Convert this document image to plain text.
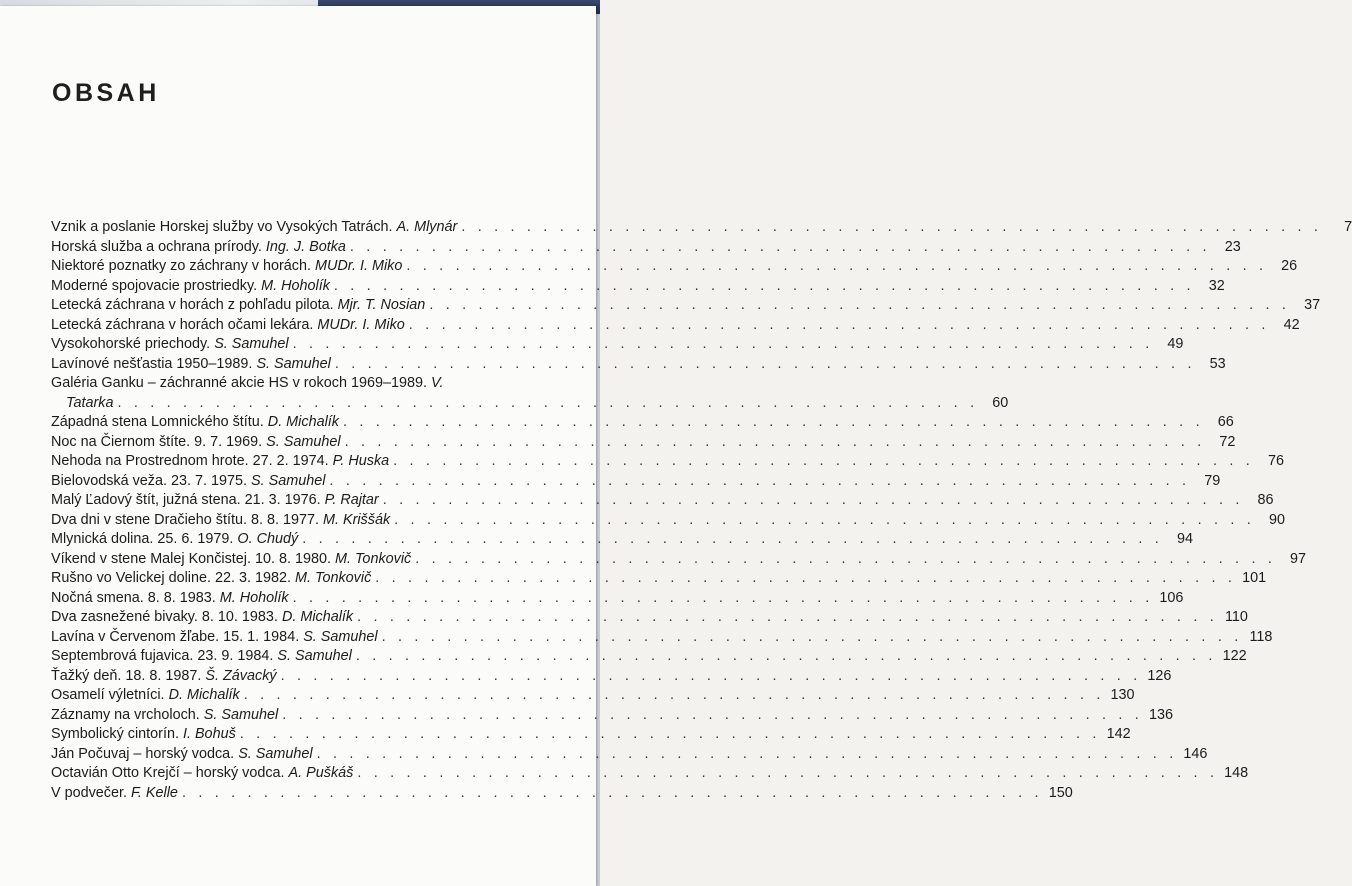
OBSAH
Vznik a poslanie Horskej služby vo Vysokých Tatrách. A. Mlynár . . . . . . . . . . . . . . . . . . . . . . . . . . . . . . . . . . . . . . . . . . . . . . . . . . . . .	7
Horská služba a ochrana prírody. Ing. J. Botka . . . . . . . . . . . . . . . . . . . . . . . . . . . . . . . . . . . . . . . . . . . . . . . . . . . . . 23
Niektoré poznatky zo záchrany v horách. MUDr. I. Miko . . . . . . . . . . . . . . . . . . . . . . . . . . . . . . . . . . . . . . . . . . . . . . . . . . . . . 26
Moderné spojovacie prostriedky. M. Hoholík . . . . . . . . . . . . . . . . . . . . . . . . . . . . . . . . . . . . . . . . . . . . . . . . . . . . . 32
Letecká záchrana v horách z pohľadu pilota. Mjr. T. Nosian . . . . . . . . . . . . . . . . . . . . . . . . . . . . . . . . . . . . . . . . . . . . . . . . . . . . . 37
Letecká záchrana v horách očami lekára. MUDr. I. Miko . . . . . . . . . . . . . . . . . . . . . . . . . . . . . . . . . . . . . . . . . . . . . . . . . . . . . 42
Vysokohorské priechody. S. Samuhel . . . . . . . . . . . . . . . . . . . . . . . . . . . . . . . . . . . . . . . . . . . . . . . . . . . . . 49
Lavínové nešťastia 1950–1989. S. Samuhel . . . . . . . . . . . . . . . . . . . . . . . . . . . . . . . . . . . . . . . . . . . . . . . . . . . . . 53
Galéria Ganku – záchranné akcie HS v rokoch 1969–1989. V.
Tatarka . . . . . . . . . . . . . . . . . . . . . . . . . . . . . . . . . . . . . . . . . . . . . . . . . . . . . 60
Západná stena Lomnického štítu. D. Michalík . . . . . . . . . . . . . . . . . . . . . . . . . . . . . . . . . . . . . . . . . . . . . . . . . . . . . 66
Noc na Čiernom štíte. 9. 7. 1969. S. Samuhel . . . . . . . . . . . . . . . . . . . . . . . . . . . . . . . . . . . . . . . . . . . . . . . . . . . . . 72
Nehoda na Prostrednom hrote. 27. 2. 1974. P. Huska . . . . . . . . . . . . . . . . . . . . . . . . . . . . . . . . . . . . . . . . . . . . . . . . . . . . . 76
Bielovodská veža. 23. 7. 1975. S. Samuhel . . . . . . . . . . . . . . . . . . . . . . . . . . . . . . . . . . . . . . . . . . . . . . . . . . . . . 79
Malý Ľadový štít, južná stena. 21. 3. 1976. P. Rajtar . . . . . . . . . . . . . . . . . . . . . . . . . . . . . . . . . . . . . . . . . . . . . . . . . . . . . 86
Dva dni v stene Dračieho štítu. 8. 8. 1977. M. Kriššák . . . . . . . . . . . . . . . . . . . . . . . . . . . . . . . . . . . . . . . . . . . . . . . . . . . . . 90
Mlynická dolina. 25. 6. 1979. O. Chudý . . . . . . . . . . . . . . . . . . . . . . . . . . . . . . . . . . . . . . . . . . . . . . . . . . . . . 94
Víkend v stene Malej Končistej. 10. 8. 1980. M. Tonkovič . . . . . . . . . . . . . . . . . . . . . . . . . . . . . . . . . . . . . . . . . . . . . . . . . . . . . 97
Rušno vo Velickej doline. 22. 3. 1982. M. Tonkovič . . . . . . . . . . . . . . . . . . . . . . . . . . . . . . . . . . . . . . . . . . . . . . . . . . . . . 101
Nočná smena. 8. 8. 1983. M. Hoholík . . . . . . . . . . . . . . . . . . . . . . . . . . . . . . . . . . . . . . . . . . . . . . . . . . . . . 106
Dva zasnežené bivaky. 8. 10. 1983. D. Michalík . . . . . . . . . . . . . . . . . . . . . . . . . . . . . . . . . . . . . . . . . . . . . . . . . . . . . 110
Lavína v Červenom žľabe. 15. 1. 1984. S. Samuhel . . . . . . . . . . . . . . . . . . . . . . . . . . . . . . . . . . . . . . . . . . . . . . . . . . . . . 118
Septembrová fujavica. 23. 9. 1984. S. Samuhel . . . . . . . . . . . . . . . . . . . . . . . . . . . . . . . . . . . . . . . . . . . . . . . . . . . . . 122
Ťažký deň. 18. 8. 1987. Š. Závacký . . . . . . . . . . . . . . . . . . . . . . . . . . . . . . . . . . . . . . . . . . . . . . . . . . . . . 126
Osamelí výletníci. D. Michalík . . . . . . . . . . . . . . . . . . . . . . . . . . . . . . . . . . . . . . . . . . . . . . . . . . . . . 130
Záznamy na vrcholoch. S. Samuhel . . . . . . . . . . . . . . . . . . . . . . . . . . . . . . . . . . . . . . . . . . . . . . . . . . . . . 136
Symbolický cintorín. I. Bohuš . . . . . . . . . . . . . . . . . . . . . . . . . . . . . . . . . . . . . . . . . . . . . . . . . . . . . 142
Ján Počuvaj – horský vodca. S. Samuhel . . . . . . . . . . . . . . . . . . . . . . . . . . . . . . . . . . . . . . . . . . . . . . . . . . . . . 146
Octavián Otto Krejčí – horský vodca. A. Puškáš . . . . . . . . . . . . . . . . . . . . . . . . . . . . . . . . . . . . . . . . . . . . . . . . . . . . . 148
V podvečer. F. Kelle . . . . . . . . . . . . . . . . . . . . . . . . . . . . . . . . . . . . . . . . . . . . . . . . . . . . . 150
